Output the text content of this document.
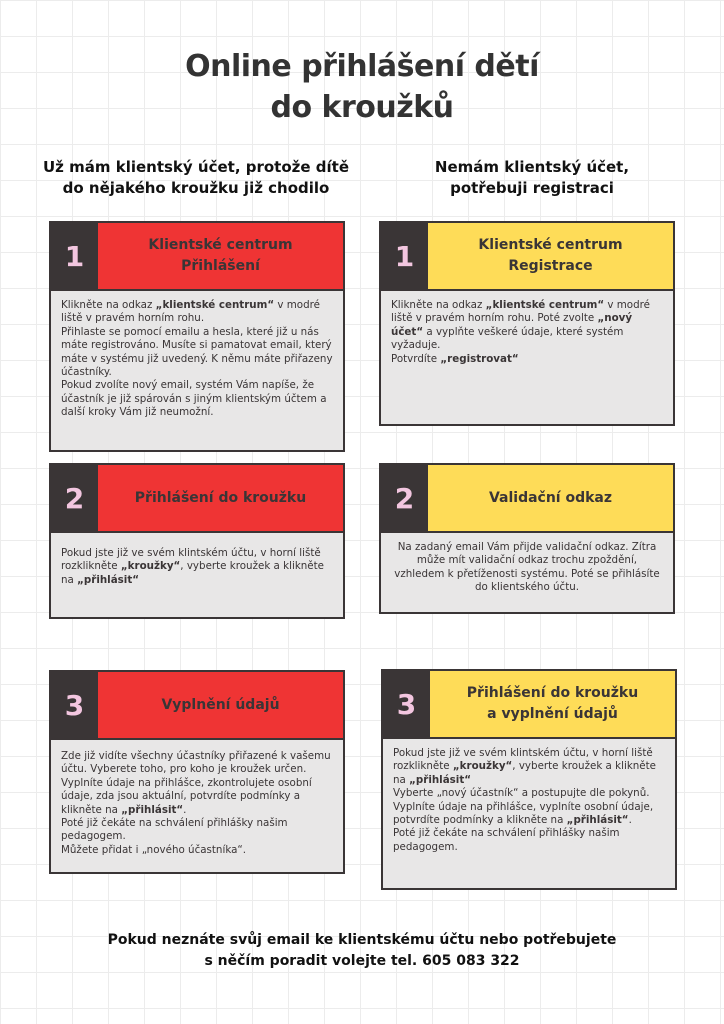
Online přihlášení dětí
do kroužků
Už mám klientský účet, protože dítě
do nějakého kroužku již chodilo
Nemám klientský účet,
potřebuji registraci
1	Klientské centrum
Přihlášení

Klikněte na odkaz „klientské centrum“ v modré liště v pravém horním rohu.

Přihlaste se pomocí emailu a hesla, které již u nás máte registrováno. Musíte si pamatovat email, který máte v systému již uvedený. K němu máte přiřazeny účastníky.

Pokud zvolíte nový email, systém Vám napíše, že účastník je již spárován s jiným klientským účtem a další kroky Vám již neumožní.

2	Přihlášení do kroužku

Pokud jste již ve svém klintském účtu, v horní liště rozklikněte „kroužky“, vyberte kroužek a klikněte na „přihlásit“

3	Vyplnění údajů

Zde již vidíte všechny účastníky přiřazené k vašemu účtu. Vyberete toho, pro koho je kroužek určen. Vyplníte údaje na přihlášce, zkontrolujete osobní údaje, zda jsou aktuální, potvrdíte podmínky a klikněte na „přihlásit“.

Poté již čekáte na schválení přihlášky našim pedagogem.

Můžete přidat i „nového účastníka“.

1	Klientské centrum
Registrace

Klikněte na odkaz „klientské centrum“ v modré liště v pravém horním rohu. Poté zvolte „nový účet“ a vyplňte veškeré údaje, které systém vyžaduje.

Potvrdíte „registrovat“

2	Validační odkaz

Na zadaný email Vám přijde validační odkaz. Zítra může mít validační odkaz trochu zpoždění, vzhledem k přetíženosti systému. Poté se přihlásíte do klientského účtu.

3	Přihlášení do kroužku
a vyplnění údajů

Pokud jste již ve svém klintském účtu, v horní liště rozklikněte „kroužky“, vyberte kroužek a klikněte na „přihlásit“

Vyberte „nový účastník“ a postupujte dle pokynů. Vyplníte údaje na přihlášce, vyplníte osobní údaje, potvrdíte podmínky a klikněte na „přihlásit“.

Poté již čekáte na schválení přihlášky našim pedagogem.

Pokud neznáte svůj email ke klientskému účtu nebo potřebujete
s něčím poradit volejte tel. 605 083 322
